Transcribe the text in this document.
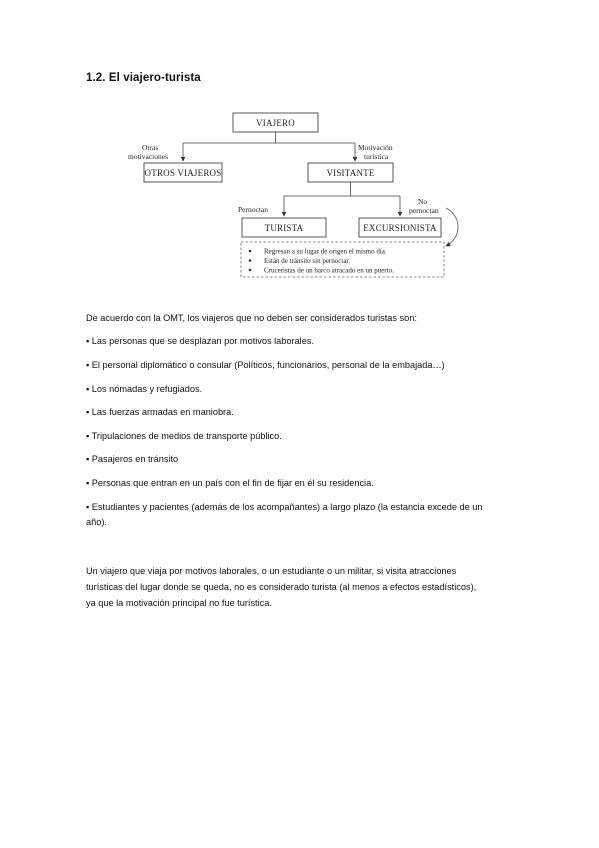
1.2. El viajero-turista
VIAJERO
Otras
motivaciones
Motivación
turística
OTROS VIAJEROS	VISITANTE
Pernoctan
No
pernoctan
TURISTA	EXCURSIONISTA
Regresan a su lugar de origen el mismo día.
Están de tránsito sin pernoctar.
Cruceristas de un barco atracado en un puerto.

De acuerdo con la OMT, los viajeros que no deben ser considerados turistas son:

▪ Las personas que se desplazan por motivos laborales.

▪ El personal diplomático o consular (Políticos, funcionarios, personal de la embajada…)

▪ Los nómadas y refugiados.

▪ Las fuerzas armadas en maniobra.

▪ Tripulaciones de medios de transporte público.

▪ Pasajeros en tránsito

▪ Personas que entran en un país con el fin de fijar en él su residencia.

▪ Estudiantes y pacientes (además de los acompañantes) a largo plazo (la estancia excede de un

año).

Un viajero que viaja por motivos laborales, o un estudiante o un militar, si visita atracciones

turísticas del lugar donde se queda, no es considerado turista (al menos a efectos estadísticos),

ya que la motivación principal no fue turística.
